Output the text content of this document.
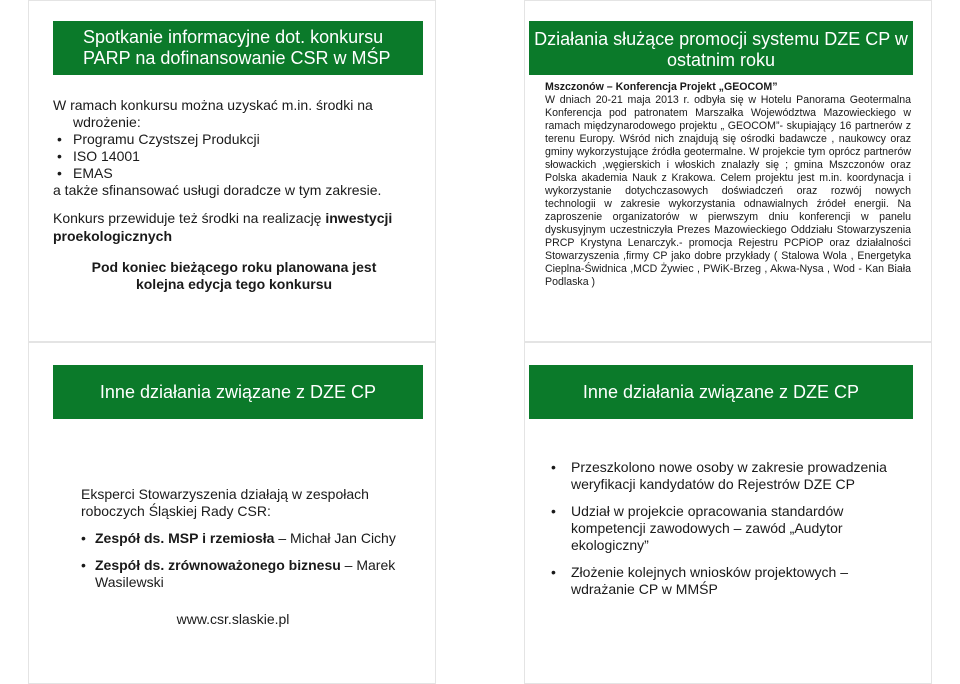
Spotkanie informacyjne dot. konkursu PARP na dofinansowanie CSR w MŚP
W ramach konkursu można uzyskać m.in. środki na
wdrożenie:
• Programu Czystszej Produkcji
• ISO 14001
• EMAS
a także sfinansować usługi doradcze w tym zakresie.
Konkurs przewiduje też środki na realizację inwestycji proekologicznych
Pod koniec bieżącego roku planowana jest kolejna edycja tego konkursu
Działania służące promocji systemu DZE CP w ostatnim roku
Mszczonów – Konferencja Projekt „GEOCOM”
W dniach 20-21 maja 2013 r. odbyła się w Hotelu Panorama Geotermalna Konferencja pod patronatem Marszałka Województwa Mazowieckiego w ramach międzynarodowego projektu „ GEOCOM”- skupiający 16 partnerów z terenu Europy. Wśród nich znajdują się ośrodki badawcze , naukowcy oraz gminy wykorzystujące źródła geotermalne. W projekcie tym oprócz partnerów słowackich ,węgierskich i włoskich znalazły się ; gmina Mszczonów oraz Polska akademia Nauk z Krakowa. Celem projektu jest m.in. koordynacja i wykorzystanie dotychczasowych doświadczeń oraz rozwój nowych technologii w zakresie wykorzystania odnawialnych źródeł energii. Na zaproszenie organizatorów w pierwszym dniu konferencji w panelu dyskusyjnym uczestniczyła Prezes Mazowieckiego Oddziału Stowarzyszenia PRCP Krystyna Lenarczyk.- promocja Rejestru PCPiOP oraz działalności Stowarzyszenia ,firmy CP jako dobre przykłady ( Stalowa Wola , Energetyka Cieplna-Świdnica ,MCD Żywiec , PWiK-Brzeg , Akwa-Nysa , Wod - Kan Biała Podlaska )
Inne działania związane z DZE CP
Eksperci Stowarzyszenia działają w zespołach roboczych Śląskiej Rady CSR:
• Zespół ds. MSP i rzemiosła – Michał Jan Cichy
• Zespół ds. zrównoważonego biznesu – Marek Wasilewski
www.csr.slaskie.pl
Inne działania związane z DZE CP
• Przeszkolono nowe osoby w zakresie prowadzenia weryfikacji kandydatów do Rejestrów DZE CP
• Udział w projekcie opracowania standardów kompetencji zawodowych – zawód „Audytor ekologiczny”
• Złożenie kolejnych wniosków projektowych – wdrażanie CP w MMŚP
